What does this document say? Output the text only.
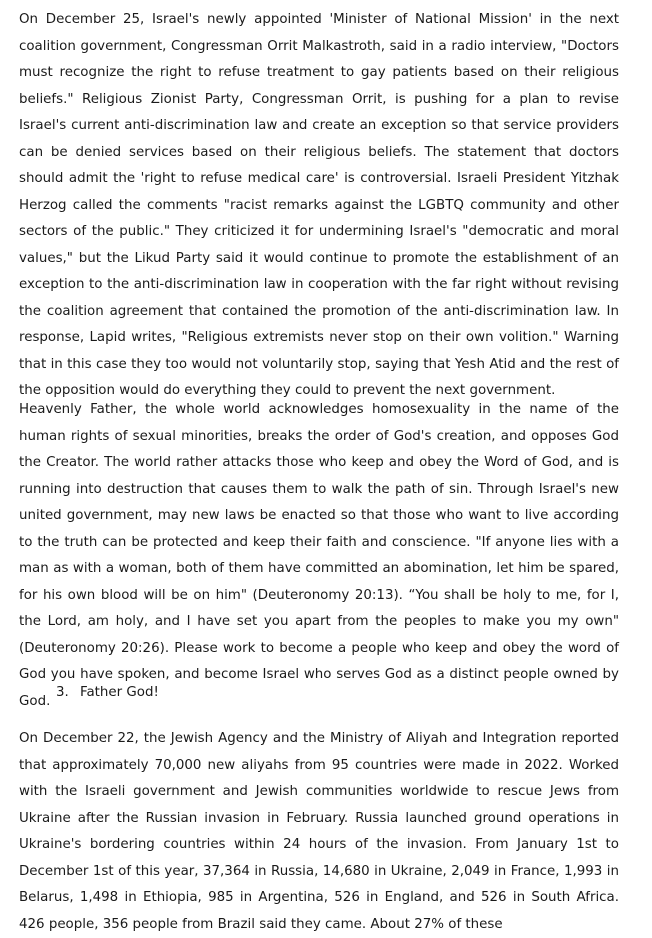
On December 25, Israel's newly appointed 'Minister of National Mission' in the next coalition government, Congressman Orrit Malkastroth, said in a radio interview, "Doctors must recognize the right to refuse treatment to gay patients based on their religious beliefs." Religious Zionist Party, Congressman Orrit, is pushing for a plan to revise Israel's current anti-discrimination law and create an exception so that service providers can be denied services based on their religious beliefs. The statement that doctors should admit the 'right to refuse medical care' is controversial. Israeli President Yitzhak Herzog called the comments "racist remarks against the LGBTQ community and other sectors of the public." They criticized it for undermining Israel's "democratic and moral values," but the Likud Party said it would continue to promote the establishment of an exception to the anti-discrimination law in cooperation with the far right without revising the coalition agreement that contained the promotion of the anti-discrimination law. In response, Lapid writes, "Religious extremists never stop on their own volition." Warning that in this case they too would not voluntarily stop, saying that Yesh Atid and the rest of the opposition would do everything they could to prevent the next government.

Heavenly Father, the whole world acknowledges homosexuality in the name of the human rights of sexual minorities, breaks the order of God's creation, and opposes God the Creator. The world rather attacks those who keep and obey the Word of God, and is running into destruction that causes them to walk the path of sin. Through Israel's new united government, may new laws be enacted so that those who want to live according to the truth can be protected and keep their faith and conscience. "If anyone lies with a man as with a woman, both of them have committed an abomination, let him be spared, for his own blood will be on him" (Deuteronomy 20:13). “You shall be holy to me, for I, the Lord, am holy, and I have set you apart from the peoples to make you my own" (Deuteronomy 20:26). Please work to become a people who keep and obey the word of God you have spoken, and become Israel who serves God as a distinct people owned by God.

3. Father God!

On December 22, the Jewish Agency and the Ministry of Aliyah and Integration reported that approximately 70,000 new aliyahs from 95 countries were made in 2022. Worked with the Israeli government and Jewish communities worldwide to rescue Jews from Ukraine after the Russian invasion in February. Russia launched ground operations in Ukraine's bordering countries within 24 hours of the invasion. From January 1st to December 1st of this year, 37,364 in Russia, 14,680 in Ukraine, 2,049 in France, 1,993 in Belarus, 1,498 in Ethiopia, 985 in Argentina, 526 in England, and 526 in South Africa. 426 people, 356 people from Brazil said they came. About 27% of these
